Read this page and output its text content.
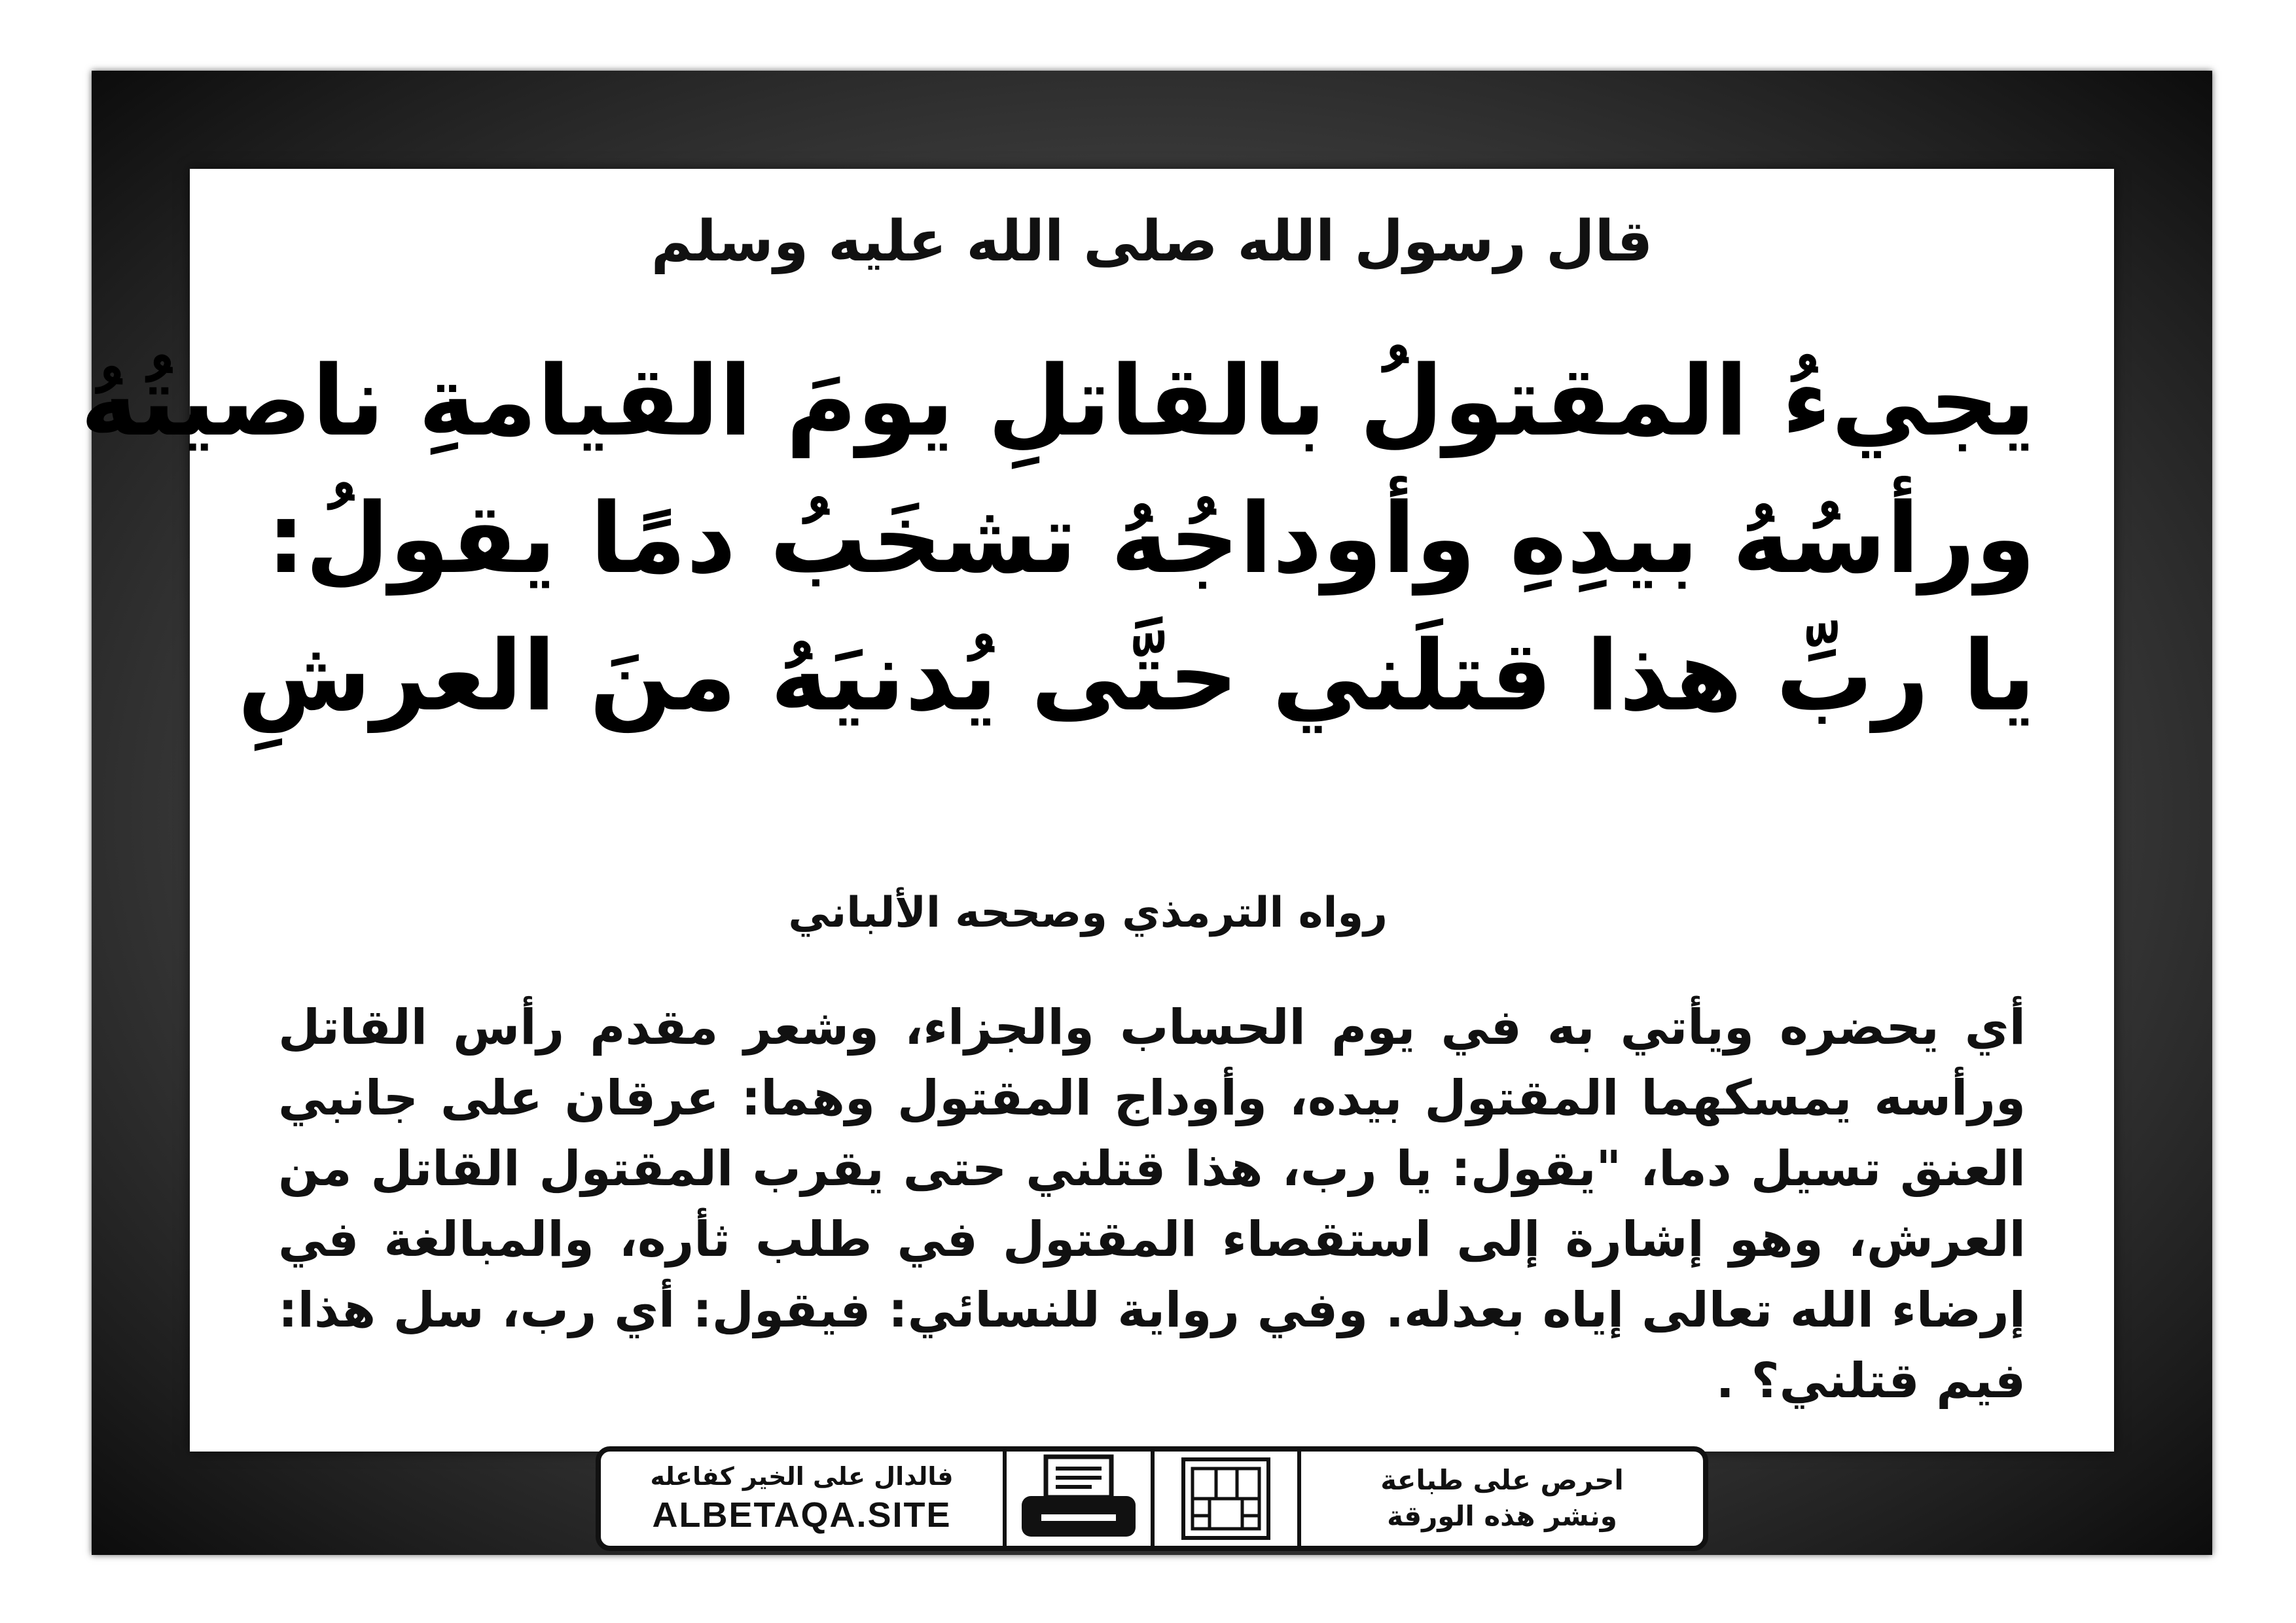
قال رسول الله صلى الله عليه وسلم
يجيءُ المقتولُ بالقاتلِ يومَ القيامةِ ناصيتُهُ
ورأسُهُ بيدِهِ وأوداجُهُ تشخَبُ دمًا يقولُ:
يا ربِّ هذا قتلَني حتَّى يُدنيَهُ منَ العرشِ
رواه الترمذي وصححه الألباني
أي يحضره ويأتي به في يوم الحساب والجزاء، وشعر مقدم رأس القاتل ورأسه يمسكهما المقتول بيده، وأوداج المقتول وهما: عرقان على جانبي العنق تسيل دما، "يقول: يا رب، هذا قتلني حتى يقرب المقتول القاتل من العرش، وهو إشارة إلى استقصاء المقتول في طلب ثأره، والمبالغة في إرضاء الله تعالى إياه بعدله. وفي رواية للنسائي: فيقول: أي رب، سل هذا: فيم قتلني؟ .
فالدال على الخير كفاعله
ALBETAQA.SITE
احرص على طباعة
ونشر هذه الورقة
